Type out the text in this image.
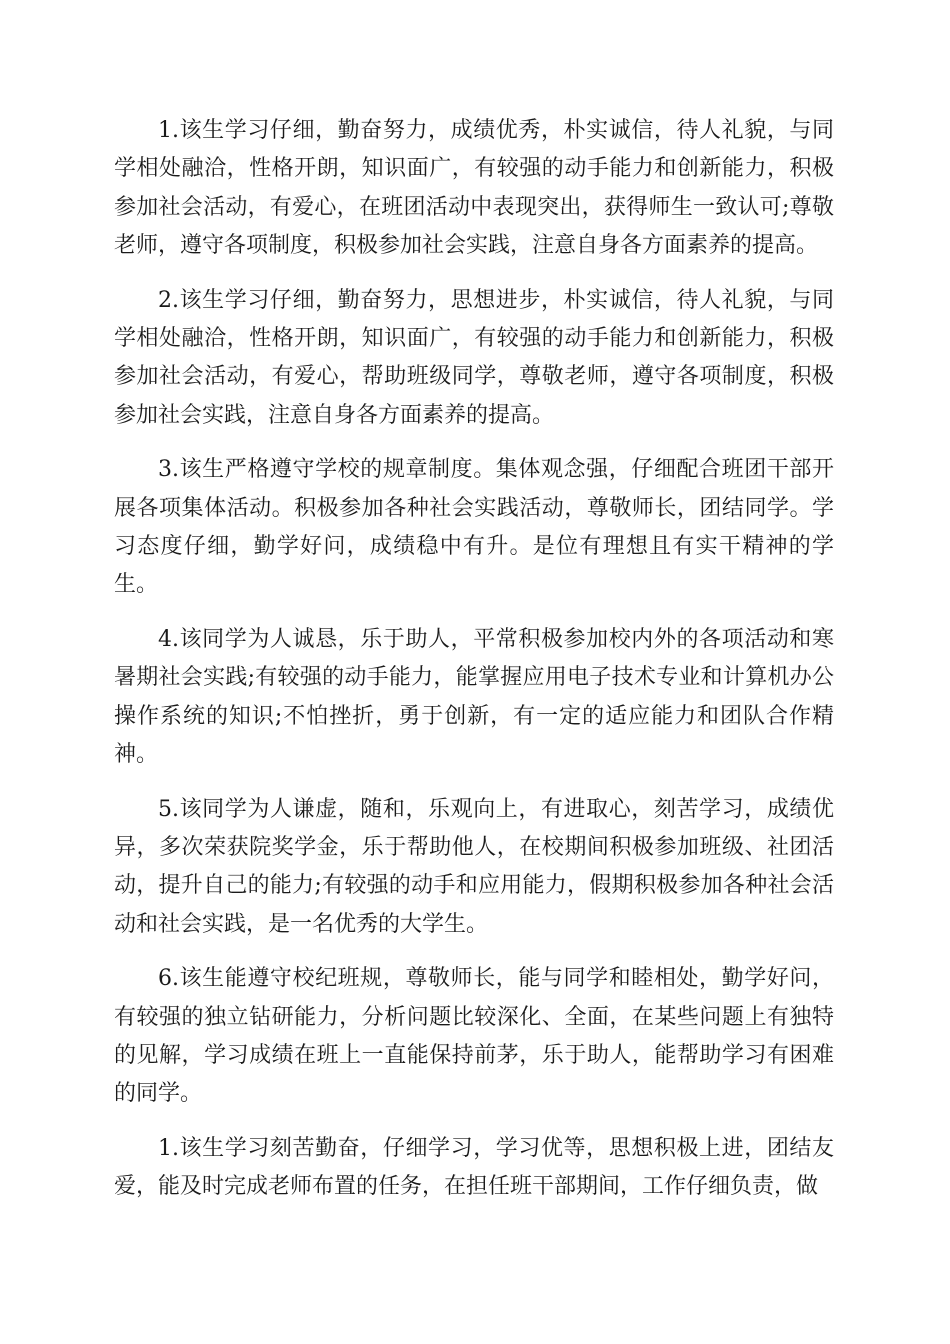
1.该生学习仔细，勤奋努力，成绩优秀，朴实诚信，待人礼貌，与同学相处融洽，性格开朗，知识面广，有较强的动手能力和创新能力，积极参加社会活动，有爱心，在班团活动中表现突出，获得师生一致认可;尊敬老师，遵守各项制度，积极参加社会实践，注意自身各方面素养的提高。

2.该生学习仔细，勤奋努力，思想进步，朴实诚信，待人礼貌，与同学相处融洽，性格开朗，知识面广，有较强的动手能力和创新能力，积极参加社会活动，有爱心，帮助班级同学，尊敬老师，遵守各项制度，积极参加社会实践，注意自身各方面素养的提高。

3.该生严格遵守学校的规章制度。集体观念强，仔细配合班团干部开展各项集体活动。积极参加各种社会实践活动，尊敬师长，团结同学。学习态度仔细，勤学好问，成绩稳中有升。是位有理想且有实干精神的学生。

4.该同学为人诚恳，乐于助人，平常积极参加校内外的各项活动和寒暑期社会实践;有较强的动手能力，能掌握应用电子技术专业和计算机办公操作系统的知识;不怕挫折，勇于创新，有一定的适应能力和团队合作精神。

5.该同学为人谦虚，随和，乐观向上，有进取心，刻苦学习，成绩优异，多次荣获院奖学金，乐于帮助他人，在校期间积极参加班级、社团活动，提升自己的能力;有较强的动手和应用能力，假期积极参加各种社会活动和社会实践，是一名优秀的大学生。

6.该生能遵守校纪班规，尊敬师长，能与同学和睦相处，勤学好问，有较强的独立钻研能力，分析问题比较深化、全面，在某些问题上有独特的见解，学习成绩在班上一直能保持前茅，乐于助人，能帮助学习有困难的同学。

1.该生学习刻苦勤奋，仔细学习，学习优等，思想积极上进，团结友爱，能及时完成老师布置的任务，在担任班干部期间，工作仔细负责，做
